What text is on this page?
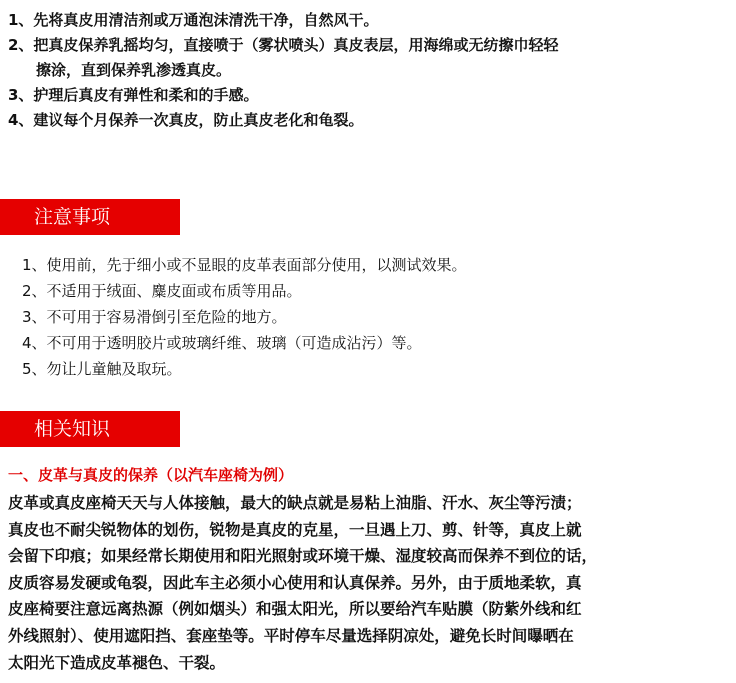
1、先将真皮用清洁剂或万通泡沫清洗干净，自然风干。
2、把真皮保养乳摇均匀，直接喷于（雾状喷头）真皮表层，用海绵或无纺擦巾轻轻
擦涂，直到保养乳渗透真皮。
3、护理后真皮有弹性和柔和的手感。
4、建议每个月保养一次真皮，防止真皮老化和龟裂。
注意事项
1、使用前，先于细小或不显眼的皮革表面部分使用，以测试效果。
2、不适用于绒面、麋皮面或布质等用品。
3、不可用于容易滑倒引至危险的地方。
4、不可用于透明胶片或玻璃纤维、玻璃（可造成沾污）等。
5、勿让儿童触及取玩。
相关知识
一、皮革与真皮的保养（以汽车座椅为例）
皮革或真皮座椅天天与人体接触，最大的缺点就是易粘上油脂、汗水、灰尘等污渍；
真皮也不耐尖锐物体的划伤，锐物是真皮的克星，一旦遇上刀、剪、针等，真皮上就
会留下印痕；如果经常长期使用和阳光照射或环境干燥、湿度较高而保养不到位的话，
皮质容易发硬或龟裂，因此车主必须小心使用和认真保养。另外，由于质地柔软，真
皮座椅要注意远离热源（例如烟头）和强太阳光，所以要给汽车贴膜（防紫外线和红
外线照射）、使用遮阳挡、套座垫等。平时停车尽量选择阴凉处，避免长时间曝晒在
太阳光下造成皮革褪色、干裂。
